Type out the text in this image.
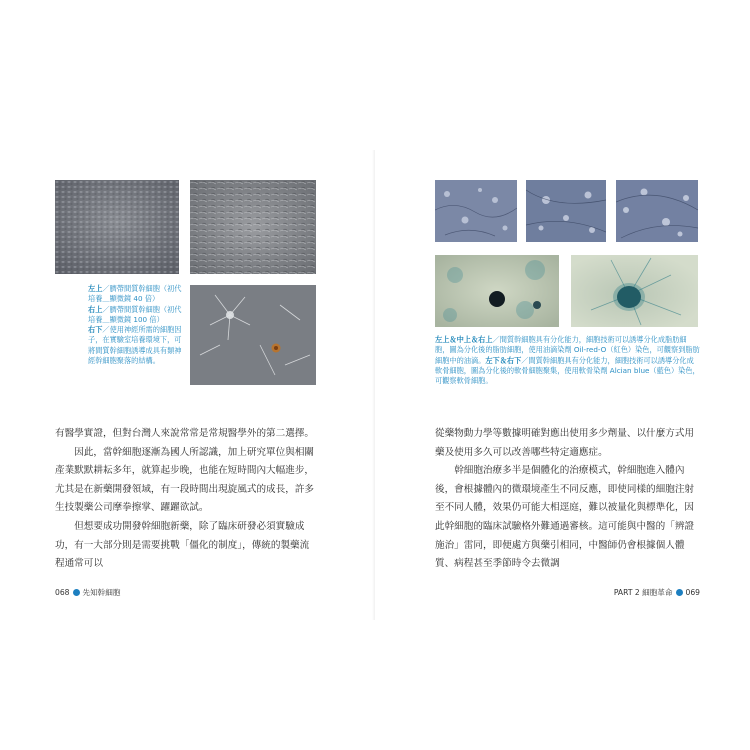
左上／臍帶間質幹細胞（初代培養＿顯微鏡 40 倍）
右上／臍帶間質幹細胞（初代培養＿顯微鏡 100 倍）
右下／使用神經所需的細胞因子，在實驗室培養環境下，可將間質幹細胞誘導成具有類神經幹細胞聚落的結構。

有醫學實證，但對台灣人來說常常是常規醫學外的第二選擇。

因此，當幹細胞逐漸為國人所認識，加上研究單位與相關產業默默耕耘多年，就算起步晚，也能在短時間內大幅進步，尤其是在新藥開發領域，有一段時間出現旋風式的成長，許多生技製藥公司摩拳擦掌、躍躍欲試。

但想要成功開發幹細胞新藥，除了臨床研發必須實驗成功，有一大部分則是需要挑戰「僵化的制度」，傳統的製藥流程通常可以

068 先知幹細胞
左上＆中上＆右上／間質幹細胞具有分化能力，細胞技術可以誘導分化成脂肪細胞，圖為分化後的脂肪細胞，使用油滴染劑 Oil-red-O（紅色）染色，可觀察到脂肪細胞中的油滴。左下＆右下／間質幹細胞具有分化能力，細胞技術可以誘導分化成軟骨細胞，圖為分化後的軟骨細胞聚集，使用軟骨染劑 Alcian blue（藍色）染色，可觀察軟骨細胞。

從藥物動力學等數據明確對應出使用多少劑量、以什麼方式用藥及使用多久可以改善哪些特定適應症。

幹細胞治療多半是個體化的治療模式，幹細胞進入體內後，會根據體內的微環境產生不同反應，即使同樣的細胞注射至不同人體，效果仍可能大相逕庭，難以被量化與標準化，因此幹細胞的臨床試驗格外難通過審核。這可能與中醫的「辨證施治」雷同，即便處方與藥引相同，中醫師仍會根據個人體質、病程甚至季節時令去微調

PART 2 細胞革命 069
